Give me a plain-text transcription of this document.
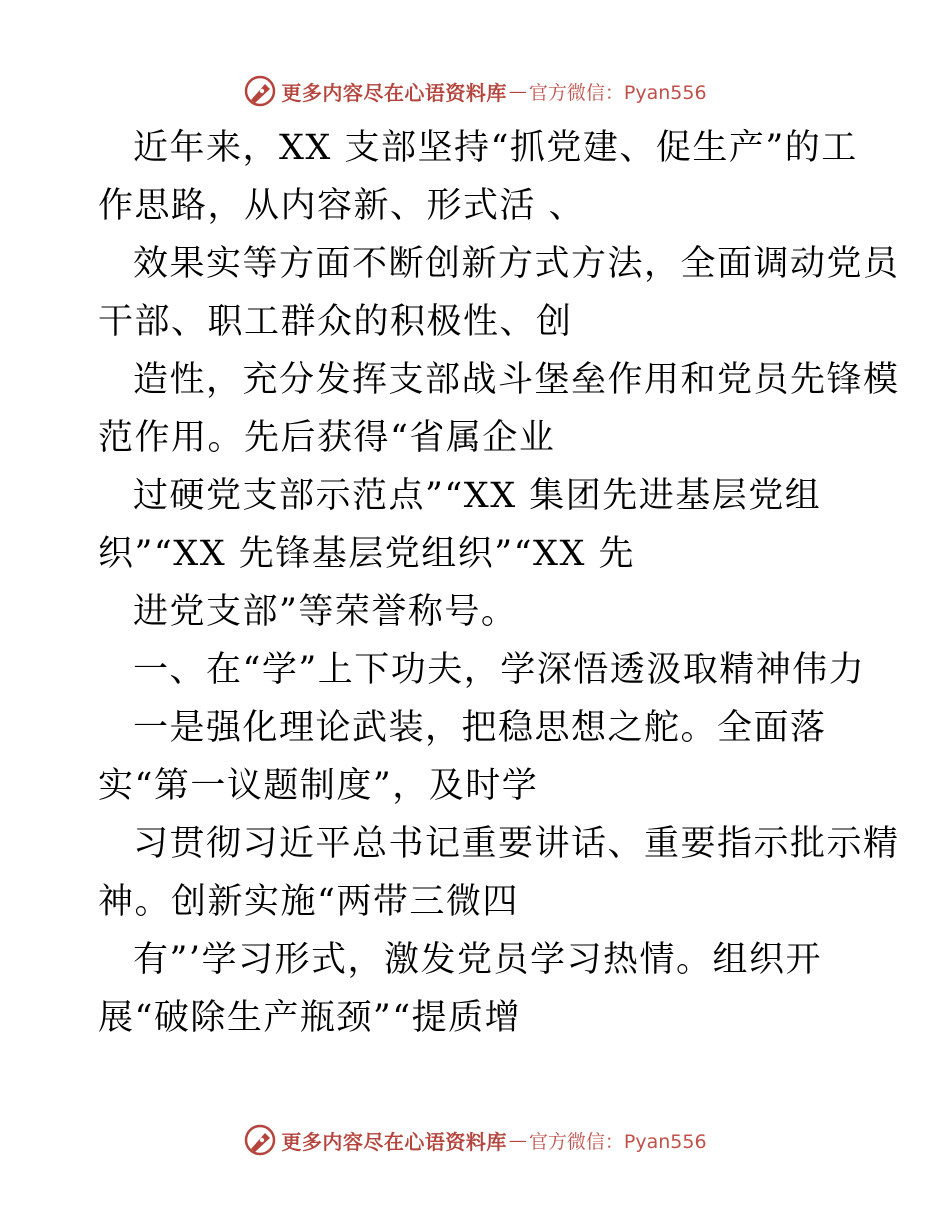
更多内容尽在心语资料库 — 官方微信：Pyan556
近年来，XX 支部坚持“抓党建、促生产”的工
作思路，从内容新、形式活 、
效果实等方面不断创新方式方法，全面调动党员
干部、职工群众的积极性、创
造性，充分发挥支部战斗堡垒作用和党员先锋模
范作用。先后获得“省属企业
过硬党支部示范点”“XX 集团先进基层党组
织”“XX 先锋基层党组织”“XX 先
进党支部”等荣誉称号。
一、在“学”上下功夫，学深悟透汲取精神伟力
一是强化理论武装，把稳思想之舵。全面落
实“第一议题制度”，及时学
习贯彻习近平总书记重要讲话、重要指示批示精
神。创新实施“两带三微四
有”’学习形式，激发党员学习热情。组织开
展“破除生产瓶颈”“提质增
更多内容尽在心语资料库 — 官方微信：Pyan556
